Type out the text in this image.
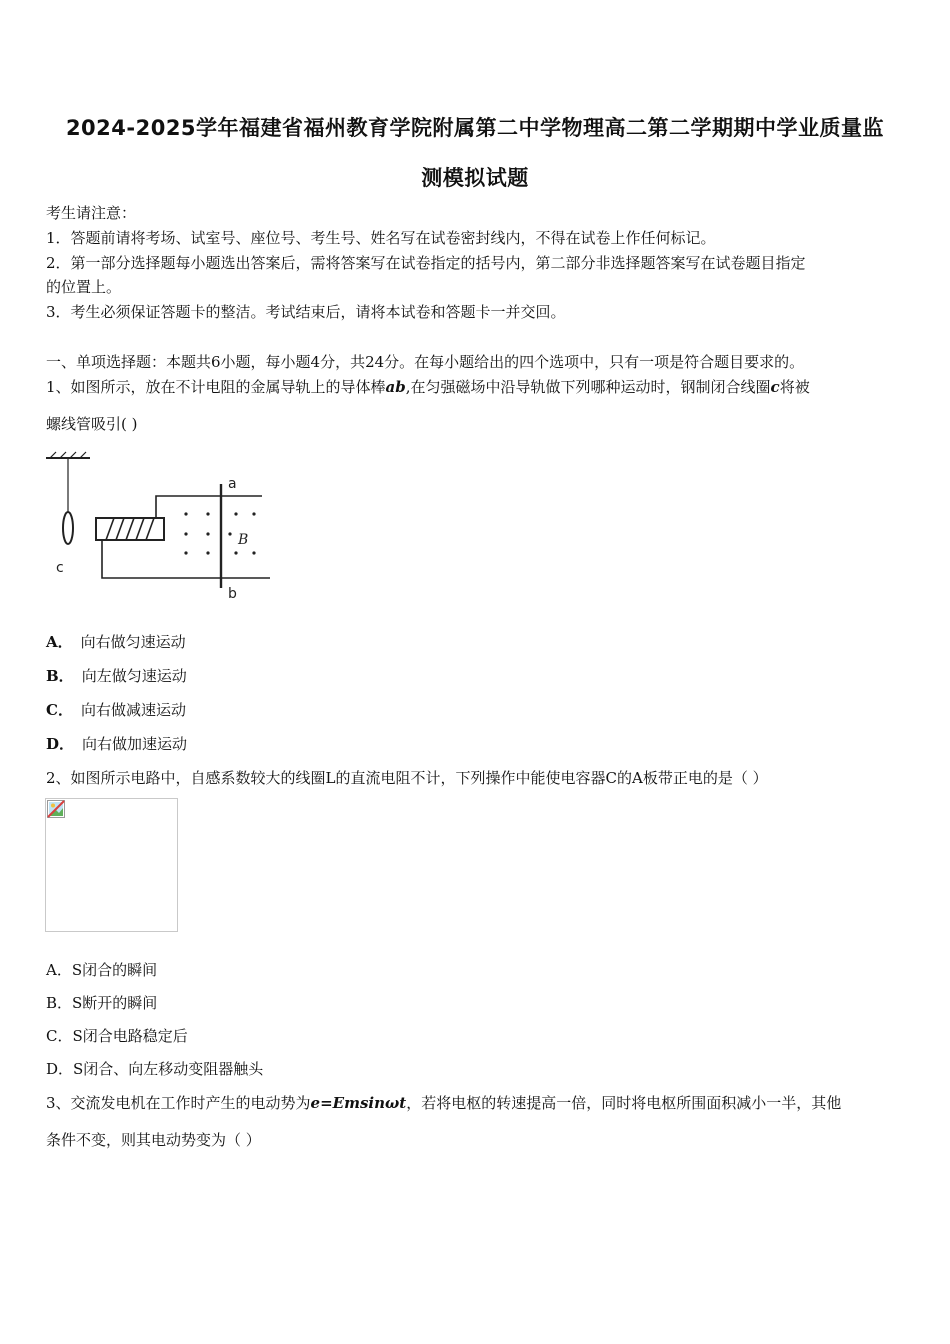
2024-2025学年福建省福州教育学院附属第二中学物理高二第二学期期中学业质量监
测模拟试题
考生请注意：
1．答题前请将考场、试室号、座位号、考生号、姓名写在试卷密封线内，不得在试卷上作任何标记。
2．第一部分选择题每小题选出答案后，需将答案写在试卷指定的括号内，第二部分非选择题答案写在试卷题目指定
的位置上。
3．考生必须保证答题卡的整洁。考试结束后，请将本试卷和答题卡一并交回。
一、单项选择题：本题共6小题，每小题4分，共24分。在每小题给出的四个选项中，只有一项是符合题目要求的。
1、如图所示，放在不计电阻的金属导轨上的导体棒ab,在匀强磁场中沿导轨做下列哪种运动时，钢制闭合线圈c将被
螺线管吸引( )
c
a
b
B
A． 向右做匀速运动
B． 向左做匀速运动
C． 向右做减速运动
D． 向右做加速运动
2、如图所示电路中，自感系数较大的线圈L的直流电阻不计，下列操作中能使电容器C的A板带正电的是（ ）
A．S闭合的瞬间
B．S断开的瞬间
C．S闭合电路稳定后
D．S闭合、向左移动变阻器触头
3、交流发电机在工作时产生的电动势为e=Emsinωt，若将电枢的转速提高一倍，同时将电枢所围面积减小一半，其他
条件不变，则其电动势变为（ ）
